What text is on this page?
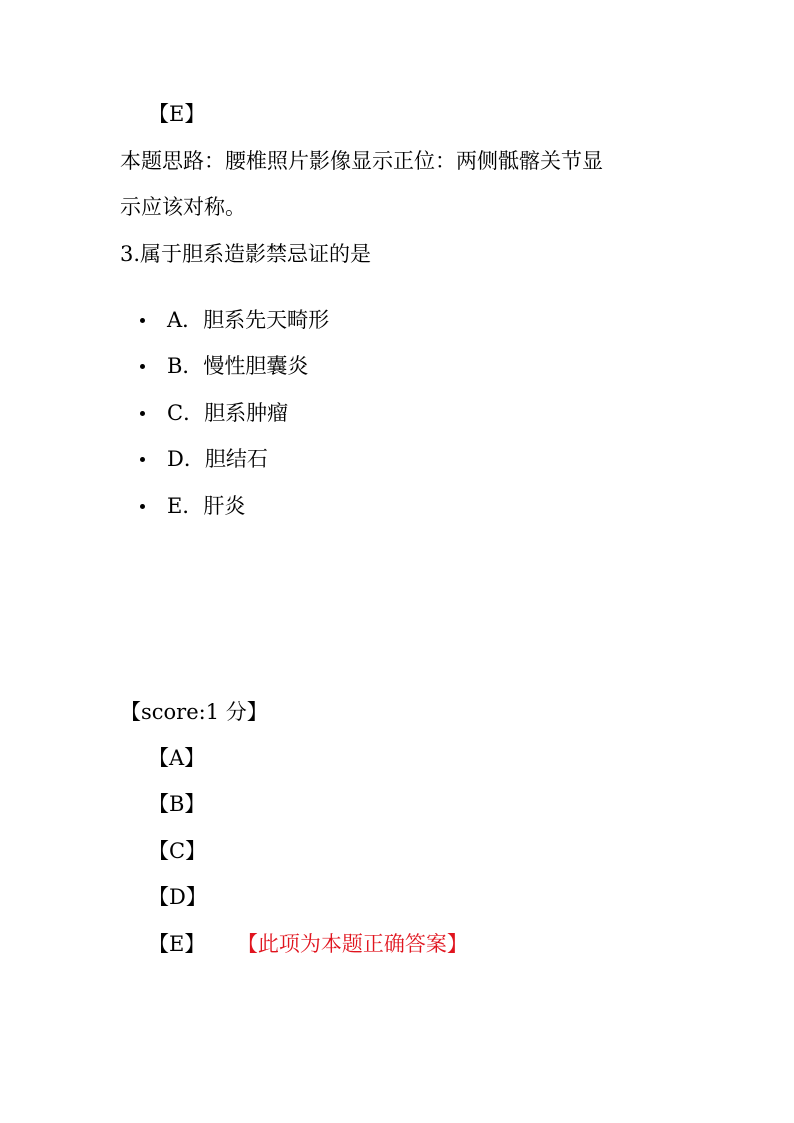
【E】
本题思路：腰椎照片影像显示正位：两侧骶髂关节显
示应该对称。
3.属于胆系造影禁忌证的是
A．胆系先天畸形
B．慢性胆囊炎
C．胆系肿瘤
D．胆结石
E．肝炎
【score:1 分】
【A】
【B】
【C】
【D】
【E】 【此项为本题正确答案】
